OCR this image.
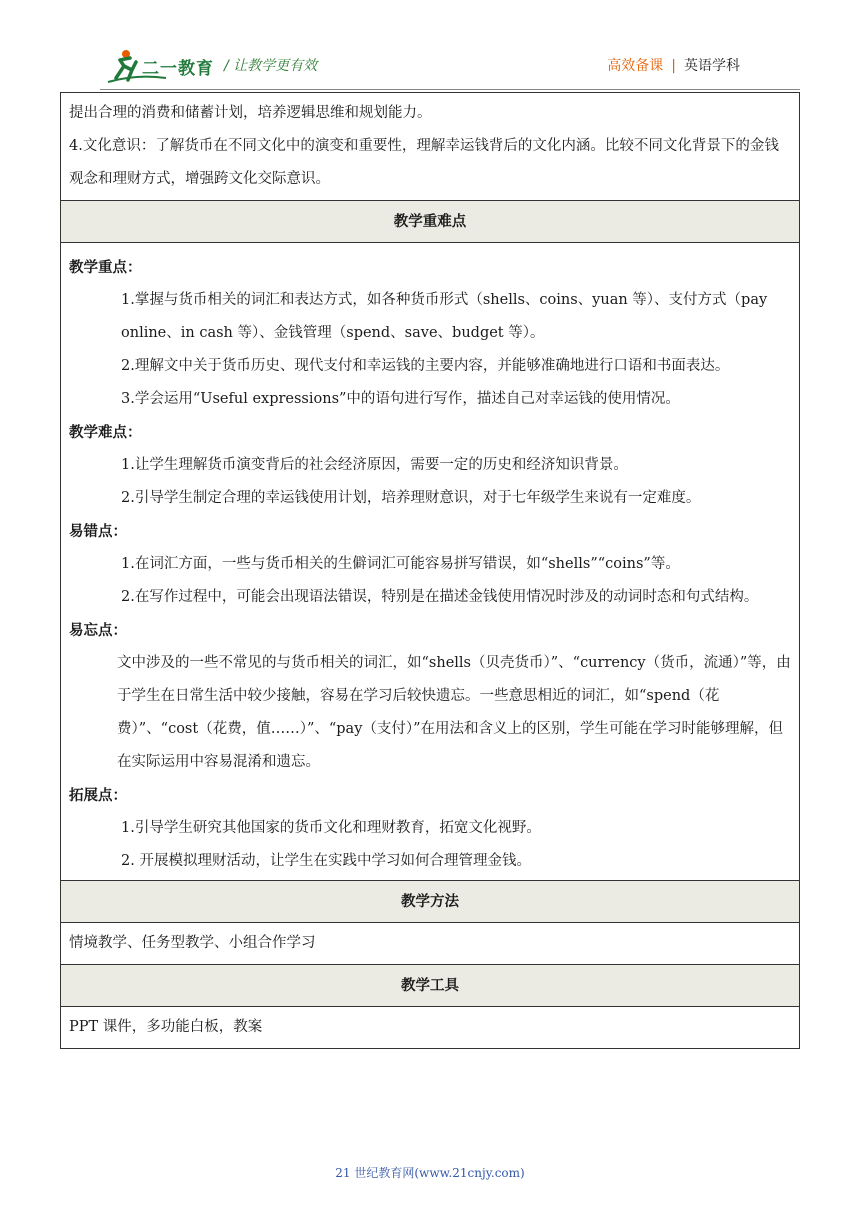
二一教育 / 让教学更有效	高效备课 | 英语学科
提出合理的消费和储蓄计划，培养逻辑思维和规划能力。
4.文化意识：了解货币在不同文化中的演变和重要性，理解幸运钱背后的文化内涵。比较不同文化背景下的金钱观念和理财方式，增强跨文化交际意识。
教学重难点
教学重点：
1.掌握与货币相关的词汇和表达方式，如各种货币形式（shells、coins、yuan 等）、支付方式（pay online、in cash 等）、金钱管理（spend、save、budget 等）。
2.理解文中关于货币历史、现代支付和幸运钱的主要内容，并能够准确地进行口语和书面表达。
3.学会运用“Useful expressions”中的语句进行写作，描述自己对幸运钱的使用情况。
教学难点：
1.让学生理解货币演变背后的社会经济原因，需要一定的历史和经济知识背景。
2.引导学生制定合理的幸运钱使用计划，培养理财意识，对于七年级学生来说有一定难度。
易错点：
1.在词汇方面，一些与货币相关的生僻词汇可能容易拼写错误，如“shells”“coins”等。
2.在写作过程中，可能会出现语法错误，特别是在描述金钱使用情况时涉及的动词时态和句式结构。
易忘点：
文中涉及的一些不常见的与货币相关的词汇，如“shells（贝壳货币）”、“currency（货币，流通）”等，由于学生在日常生活中较少接触，容易在学习后较快遗忘。一些意思相近的词汇，如“spend（花费）”、“cost（花费，值……）”、“pay（支付）”在用法和含义上的区别，学生可能在学习时能够理解，但在实际运用中容易混淆和遗忘。
拓展点：
1.引导学生研究其他国家的货币文化和理财教育，拓宽文化视野。
2. 开展模拟理财活动，让学生在实践中学习如何合理管理金钱。
教学方法
情境教学、任务型教学、小组合作学习
教学工具
PPT 课件，多功能白板，教案
21 世纪教育网(www.21cnjy.com)
